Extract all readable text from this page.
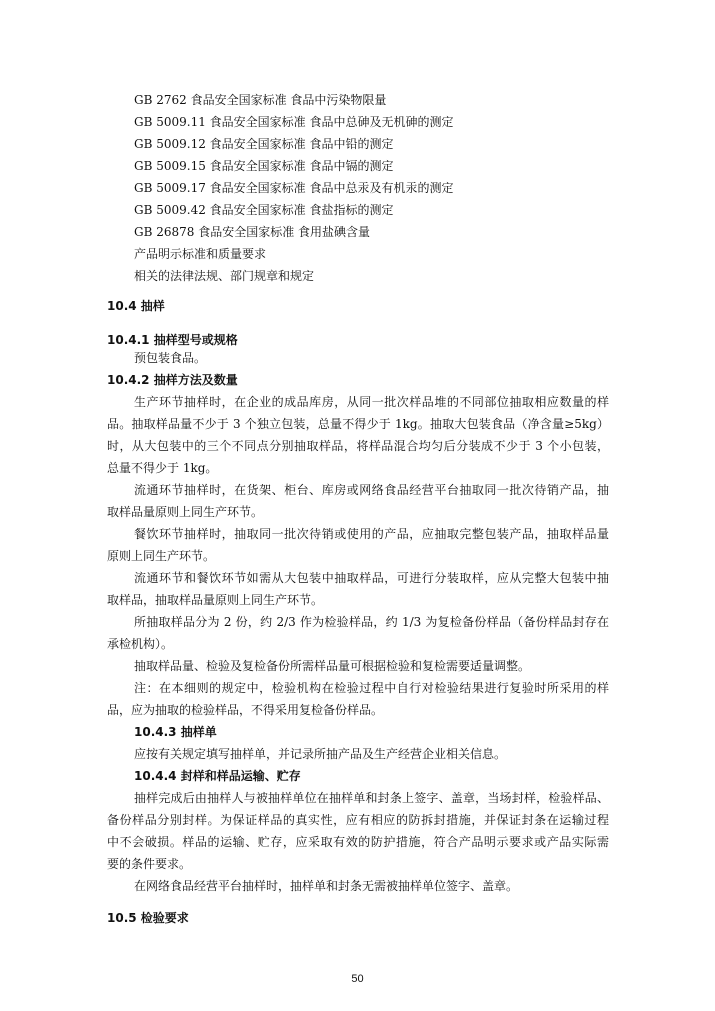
GB 2762 食品安全国家标准 食品中污染物限量
GB 5009.11 食品安全国家标准 食品中总砷及无机砷的测定
GB 5009.12 食品安全国家标准 食品中铅的测定
GB 5009.15 食品安全国家标准 食品中镉的测定
GB 5009.17 食品安全国家标准 食品中总汞及有机汞的测定
GB 5009.42 食品安全国家标准 食盐指标的测定
GB 26878 食品安全国家标准 食用盐碘含量
产品明示标准和质量要求
相关的法律法规、部门规章和规定
10.4 抽样
10.4.1 抽样型号或规格
预包装食品。
10.4.2 抽样方法及数量
生产环节抽样时，在企业的成品库房，从同一批次样品堆的不同部位抽取相应数量的样
品。抽取样品量不少于 3 个独立包装，总量不得少于 1kg。抽取大包装食品（净含量≥5kg）
时，从大包装中的三个不同点分别抽取样品，将样品混合均匀后分装成不少于 3 个小包装，
总量不得少于 1kg。
流通环节抽样时，在货架、柜台、库房或网络食品经营平台抽取同一批次待销产品，抽
取样品量原则上同生产环节。
餐饮环节抽样时，抽取同一批次待销或使用的产品，应抽取完整包装产品，抽取样品量
原则上同生产环节。
流通环节和餐饮环节如需从大包装中抽取样品，可进行分装取样，应从完整大包装中抽
取样品，抽取样品量原则上同生产环节。
所抽取样品分为 2 份，约 2/3 作为检验样品，约 1/3 为复检备份样品（备份样品封存在
承检机构）。
抽取样品量、检验及复检备份所需样品量可根据检验和复检需要适量调整。
注：在本细则的规定中，检验机构在检验过程中自行对检验结果进行复验时所采用的样
品，应为抽取的检验样品，不得采用复检备份样品。
10.4.3 抽样单
应按有关规定填写抽样单，并记录所抽产品及生产经营企业相关信息。
10.4.4 封样和样品运输、贮存
抽样完成后由抽样人与被抽样单位在抽样单和封条上签字、盖章，当场封样，检验样品、
备份样品分别封样。为保证样品的真实性，应有相应的防拆封措施，并保证封条在运输过程
中不会破损。样品的运输、贮存，应采取有效的防护措施，符合产品明示要求或产品实际需
要的条件要求。
在网络食品经营平台抽样时，抽样单和封条无需被抽样单位签字、盖章。
10.5 检验要求
50
